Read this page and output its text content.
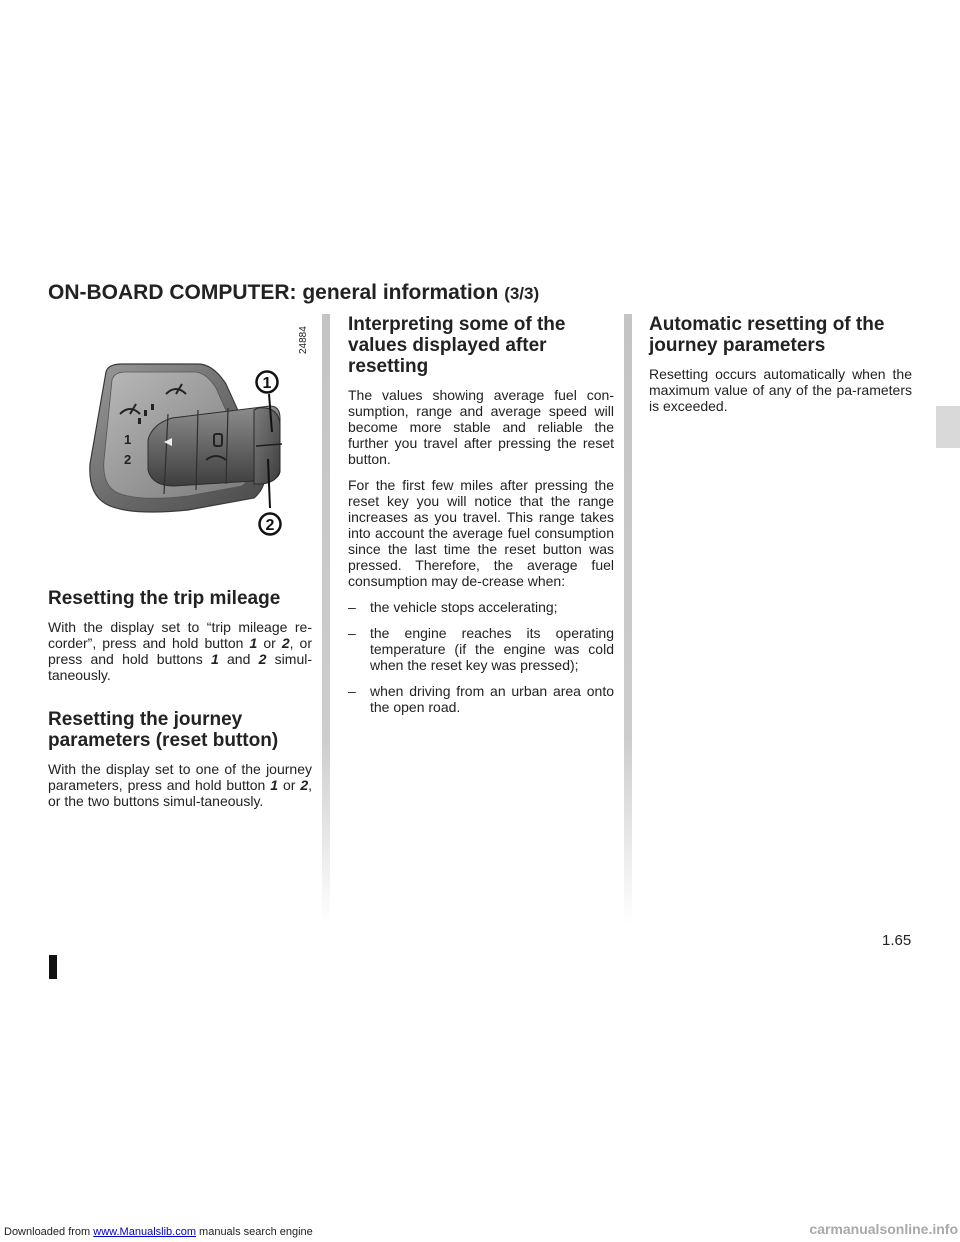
ON-BOARD COMPUTER: general information (3/3)
1
2
1
2
24884
Resetting the trip mileage

With the display set to “trip mileage re-corder”, press and hold button 1 or 2, or press and hold buttons 1 and 2 simul-taneously.

Resetting the journey parameters (reset button)

With the display set to one of the journey parameters, press and hold button 1 or 2, or the two buttons simul-taneously.

Interpreting some of the values displayed after resetting

The values showing average fuel con-sumption, range and average speed will become more stable and reliable the further you travel after pressing the reset button.

For the first few miles after pressing the reset key you will notice that the range increases as you travel. This range takes into account the average fuel consumption since the last time the reset button was pressed. Therefore, the average fuel consumption may de-crease when:

– the vehicle stops accelerating;
– the engine reaches its operating temperature (if the engine was cold when the reset key was pressed);
– when driving from an urban area onto the open road.
Automatic resetting of the journey parameters

Resetting occurs automatically when the maximum value of any of the pa-rameters is exceeded.

1.65
Downloaded from www.Manualslib.com manuals search engine	carmanualsonline.info
